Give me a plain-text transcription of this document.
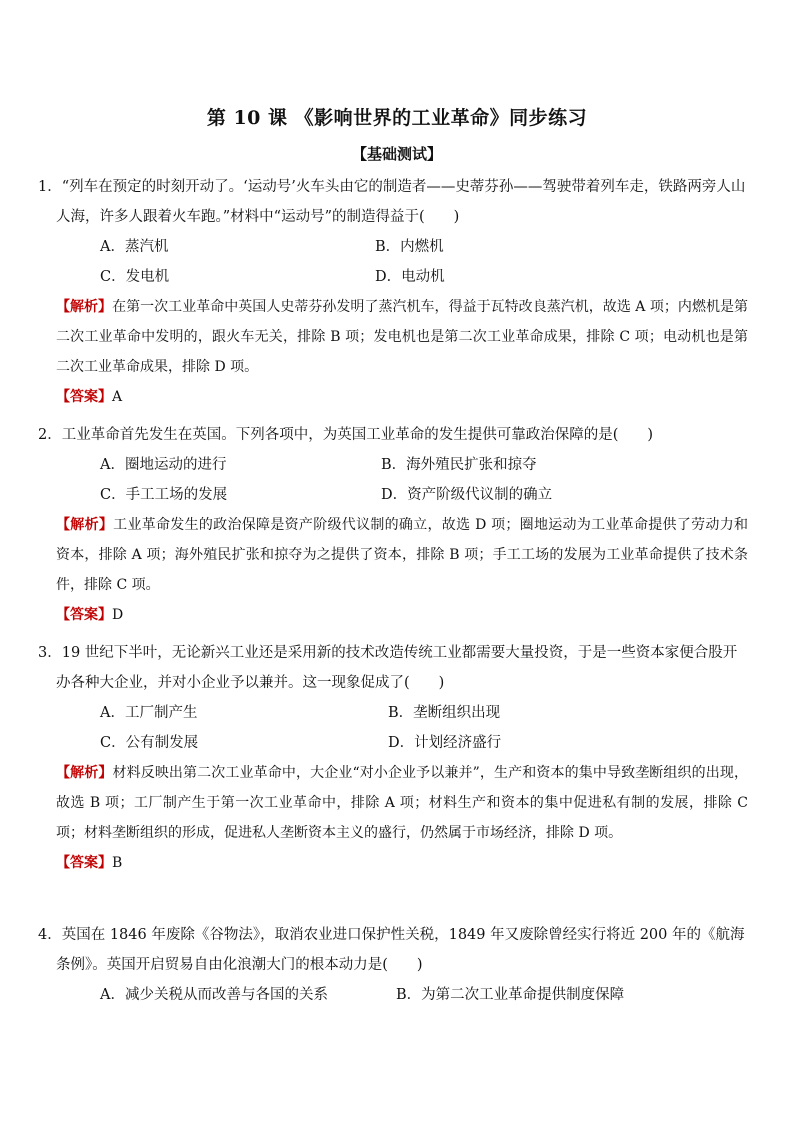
第 10 课 《影响世界的工业革命》同步练习
【基础测试】
1．“列车在预定的时刻开动了。‘运动号’火车头由它的制造者——史蒂芬孙——驾驶带着列车走，铁路两旁人山人海，许多人跟着火车跑。”材料中“运动号”的制造得益于(　　)
A．蒸汽机	B．内燃机
C．发电机	D．电动机
【解析】在第一次工业革命中英国人史蒂芬孙发明了蒸汽机车，得益于瓦特改良蒸汽机，故选 A 项；内燃机是第二次工业革命中发明的，跟火车无关，排除 B 项；发电机也是第二次工业革命成果，排除 C 项；电动机也是第二次工业革命成果，排除 D 项。
【答案】A
2．工业革命首先发生在英国。下列各项中，为英国工业革命的发生提供可靠政治保障的是(　　)
A．圈地运动的进行	B．海外殖民扩张和掠夺
C．手工工场的发展	D．资产阶级代议制的确立
【解析】工业革命发生的政治保障是资产阶级代议制的确立，故选 D 项；圈地运动为工业革命提供了劳动力和资本，排除 A 项；海外殖民扩张和掠夺为之提供了资本，排除 B 项；手工工场的发展为工业革命提供了技术条件，排除 C 项。
【答案】D
3．19 世纪下半叶，无论新兴工业还是采用新的技术改造传统工业都需要大量投资，于是一些资本家便合股开办各种大企业，并对小企业予以兼并。这一现象促成了(　　)
A．工厂制产生	B．垄断组织出现
C．公有制发展	D．计划经济盛行
【解析】材料反映出第二次工业革命中，大企业“对小企业予以兼并”，生产和资本的集中导致垄断组织的出现，故选 B 项；工厂制产生于第一次工业革命中，排除 A 项；材料生产和资本的集中促进私有制的发展，排除 C 项；材料垄断组织的形成，促进私人垄断资本主义的盛行，仍然属于市场经济，排除 D 项。
【答案】B
4．英国在 1846 年废除《谷物法》，取消农业进口保护性关税，1849 年又废除曾经实行将近 200 年的《航海条例》。英国开启贸易自由化浪潮大门的根本动力是(　　)
A．减少关税从而改善与各国的关系	B．为第二次工业革命提供制度保障
